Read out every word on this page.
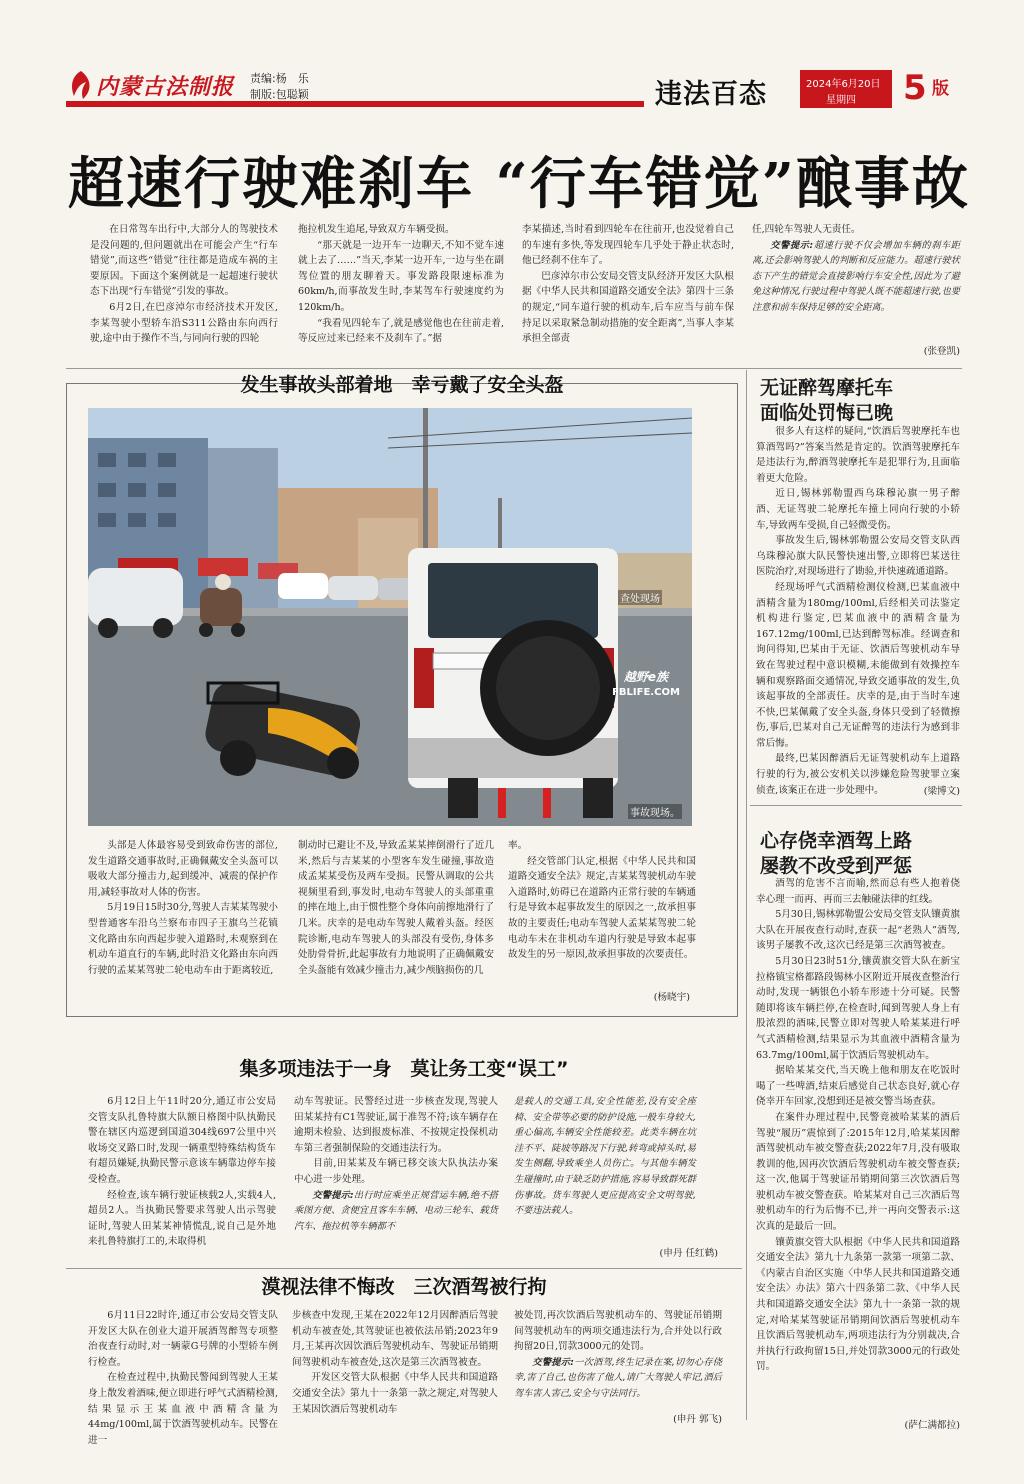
内蒙古法制报 责编:杨　乐
制版:包聪颖	违法百态	2024年6月20日
星期四 5 版
超速行驶难刹车 “行车错觉”酿事故

在日常驾车出行中,大部分人的驾驶技术是没问题的,但问题就出在可能会产生“行车错觉”,而这些“错觉”往往都是造成车祸的主要原因。下面这个案例就是一起超速行驶状态下出现“行车错觉”引发的事故。

6月2日,在巴彦淖尔市经济技术开发区,李某驾驶小型轿车沿S311公路由东向西行驶,途中由于操作不当,与同向行驶的四轮

拖拉机发生追尾,导致双方车辆受损。

“那天就是一边开车一边聊天,不知不觉车速就上去了……”当天,李某一边开车,一边与坐在副驾位置的朋友聊着天。事发路段限速标准为60km/h,而事故发生时,李某驾车行驶速度约为120km/h。

“我看见四轮车了,就是感觉他也在往前走着,等反应过来已经来不及刹车了。”据

李某描述,当时看到四轮车在往前开,也没觉着自己的车速有多快,等发现四轮车几乎处于静止状态时,他已经刹不住车了。

巴彦淖尔市公安局交管支队经济开发区大队根据《中华人民共和国道路交通安全法》第四十三条的规定,“同车道行驶的机动车,后车应当与前车保持足以采取紧急制动措施的安全距离”,当事人李某承担全部责

任,四轮车驾驶人无责任。

交警提示:超速行驶不仅会增加车辆的刹车距离,还会影响驾驶人的判断和反应能力。超速行驶状态下产生的错觉会直接影响行车安全性,因此为了避免这种情况,行驶过程中驾驶人既不能超速行驶,也要注意和前车保持足够的安全距离。

(张登凯)
发生事故头部着地　幸亏戴了安全头盔
越野e族
FBLIFE.COM
查处现场
事故现场。

头部是人体最容易受到致命伤害的部位,发生道路交通事故时,正确佩戴安全头盔可以吸收大部分撞击力,起到缓冲、减震的保护作用,减轻事故对人体的伤害。

5月19日15时30分,驾驶人吉某某驾驶小型普通客车沿乌兰察布市四子王旗乌兰花镇文化路由东向西起步驶入道路时,未观察到在机动车道直行的车辆,此时沿文化路由东向西行驶的孟某某驾驶二轮电动车由于距离较近,

制动时已避让不及,导致孟某某摔倒滑行了近几米,然后与吉某某的小型客车发生碰撞,事故造成孟某某受伤及两车受损。民警从调取的公共视频里看到,事发时,电动车驾驶人的头部重重的摔在地上,由于惯性整个身体向前擦地滑行了几米。庆幸的是电动车驾驶人戴着头盔。经医院诊断,电动车驾驶人的头部没有受伤,身体多处肋骨骨折,此起事故有力地说明了正确佩戴安全头盔能有效减少撞击力,减少颅脑损伤的几

率。

经交管部门认定,根据《中华人民共和国道路交通安全法》规定,吉某某驾驶机动车驶入道路时,妨碍已在道路内正常行驶的车辆通行是导致本起事故发生的原因之一,故承担事故的主要责任;电动车驾驶人孟某某驾驶二轮电动车未在非机动车道内行驶是导致本起事故发生的另一原因,故承担事故的次要责任。

(杨晓宇)
无证醉驾摩托车
面临处罚悔已晚

很多人有这样的疑问,“饮酒后驾驶摩托车也算酒驾吗?”答案当然是肯定的。饮酒驾驶摩托车是违法行为,醉酒驾驶摩托车是犯罪行为,且面临着更大危险。

近日,锡林郭勒盟西乌珠穆沁旗一男子醉酒、无证驾驶二轮摩托车撞上同向行驶的小轿车,导致两车受损,自己轻微受伤。

事故发生后,锡林郭勒盟公安局交管支队西乌珠穆沁旗大队民警快速出警,立即将巴某送往医院治疗,对现场进行了勘验,并快速疏通道路。

经现场呼气式酒精检测仪检测,巴某血液中酒精含量为180mg/100ml,后经相关司法鉴定机构进行鉴定,巴某血液中的酒精含量为167.12mg/100ml,已达到醉驾标准。经调查和询问得知,巴某由于无证、饮酒后驾驶机动车导致在驾驶过程中意识模糊,未能做到有效操控车辆和观察路面交通情况,导致交通事故的发生,负该起事故的全部责任。庆幸的是,由于当时车速不快,巴某佩戴了安全头盔,身体只受到了轻微擦伤,事后,巴某对自己无证醉驾的违法行为感到非常后悔。

最终,巴某因醉酒后无证驾驶机动车上道路行驶的行为,被公安机关以涉嫌危险驾驶罪立案侦查,该案正在进一步处理中。	(梁博文)
心存侥幸酒驾上路
屡教不改受到严惩

酒驾的危害不言而喻,然而总有些人抱着侥幸心理一而再、再而三去触碰法律的红线。

5月30日,锡林郭勒盟公安局交管支队镶黄旗大队在开展夜查行动时,查获一起“老熟人”酒驾,该男子屡教不改,这次已经是第三次酒驾被查。

5月30日23时51分,镶黄旗交管大队在新宝拉格镇宝格都路段锡林小区附近开展夜查整治行动时,发现一辆银色小轿车形迹十分可疑。民警随即将该车辆拦停,在检查时,闻到驾驶人身上有股浓烈的酒味,民警立即对驾驶人哈某某进行呼气式酒精检测,结果显示为其血液中酒精含量为63.7mg/100ml,属于饮酒后驾驶机动车。

据哈某某交代,当天晚上他和朋友在吃饭时喝了一些啤酒,结束后感觉自己状态良好,就心存侥幸开车回家,没想到还是被交警当场查获。

在案件办理过程中,民警竟被哈某某的酒后驾驶“履历”震惊到了:2015年12月,哈某某因醉酒驾驶机动车被交警查获;2022年7月,没有吸取教训的他,因再次饮酒后驾驶机动车被交警查获;这一次,他属于驾驶证吊销期间第三次饮酒后驾驶机动车被交警查获。哈某某对自己三次酒后驾驶机动车的行为后悔不已,并一再向交警表示:这次真的是最后一回。

镶黄旗交管大队根据《中华人民共和国道路交通安全法》第九十九条第一款第一项第二款、《内蒙古自治区实施〈中华人民共和国道路交通安全法〉办法》第六十四条第二款、《中华人民共和国道路交通安全法》第九十一条第一款的规定,对哈某某驾驶证吊销期间饮酒后驾驶机动车且饮酒后驾驶机动车,两项违法行为分别裁决,合并执行行政拘留15日,并处罚款3000元的行政处罚。

(萨仁满都拉)
集多项违法于一身　莫让务工变“误工”

6月12日上午11时20分,通辽市公安局交管支队扎鲁特旗大队额日格图中队执勤民警在辖区内巡逻到国道304线697公里中兴收场交叉路口时,发现一辆重型特殊结构货车有超员嫌疑,执勤民警示意该车辆靠边停车接受检查。

经检查,该车辆行驶证核载2人,实载4人,超员2人。当执勤民警要求驾驶人出示驾驶证时,驾驶人田某某神情慌乱,说自己是外地来扎鲁特旗打工的,未取得机

动车驾驶证。民警经过进一步核查发现,驾驶人田某某持有C1驾驶证,属于准驾不符;该车辆存在逾期未检验、达到报废标准、不按规定投保机动车第三者强制保险的交通违法行为。

目前,田某某及车辆已移交该大队执法办案中心进一步处理。

交警提示:出行时应乘坐正规营运车辆,绝不搭乘图方便、贪便宜且客车车辆、电动三轮车、载货汽车、拖拉机等车辆都不

是载人的交通工具,安全性能差,没有安全座椅、安全带等必要的防护设施,一般车身较大,重心偏高,车辆安全性能较差。此类车辆在坑洼不平、陡坡等路况下行驶,转弯或掉头时,易发生侧翻,导致乘坐人员伤亡。与其他车辆发生碰撞时,由于缺乏防护措施,容易导致群死群伤事故。货车驾驶人更应提高安全文明驾驶,不要违法载人。

(申丹 任红鹤)
漠视法律不悔改　三次酒驾被行拘

6月11日22时许,通辽市公安局交管支队开发区大队在创业大道开展酒驾醉驾专项整治夜查行动时,对一辆蒙G号牌的小型轿车例行检查。

在检查过程中,执勤民警闻到驾驶人王某身上散发着酒味,便立即进行呼气式酒精检测,结果显示王某血液中酒精含量为44mg/100ml,属于饮酒驾驶机动车。民警在进一

步核查中发现,王某在2022年12月因醉酒后驾驶机动车被查处,其驾驶证也被依法吊销;2023年9月,王某再次因饮酒后驾驶机动车、驾驶证吊销期间驾驶机动车被查处,这次是第三次酒驾被查。

开发区交管大队根据《中华人民共和国道路交通安全法》第九十一条第一款之规定,对驾驶人王某因饮酒后驾驶机动车

被处罚,再次饮酒后驾驶机动车的、驾驶证吊销期间驾驶机动车的两项交通违法行为,合并处以行政拘留20日,罚款3000元的处罚。

交警提示:一次酒驾,终生记录在案,切勿心存侥幸,害了自己,也伤害了他人,请广大驾驶人牢记,酒后驾车害人害己,安全与守法同行。

(申丹 郭飞)
